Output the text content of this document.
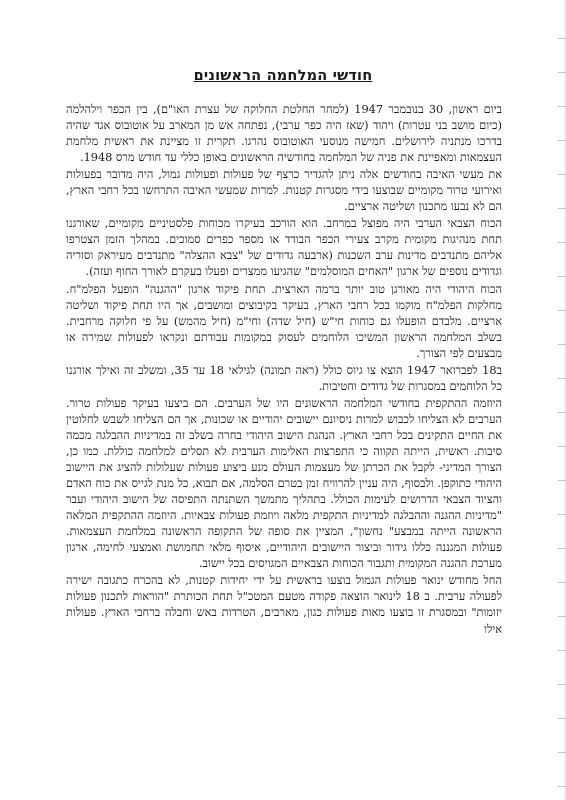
חודשי המלחמה הראשונים

ביום ראשון, 30 בנובמבר 1947 (למחר החלטת החלוקה של עצרת האו"ם), בין הכפר וילהלמה (כיום מושב בני עטרות) ויהוד (שאז היה כפר ערבי), נפתחה אש מן המארב על אוטובוס אגד שהיה בדרכו מנתניה לירושלים. חמישה מנוסעי האוטובוס נהרגו. תקרית זו מציינת את ראשית מלחמת העצמאות ומאפיינת את פניה של המלחמה בחודשיה הראשונים באופן כללי עד חודש מרס 1948.

את מעשי האיבה בחודשים אלה ניתן להגדיר כרצף של פעולות ופעולות גמול, היה מדובר בפעולות ואירועי טרור מקומיים שבוצעו בידי מסגרות קטנות. למרות שמעשי האיבה התרחשו בכל רחבי הארץ, הם לא נבעו מתכנון ושליטה ארציים.

הכוח הצבאי הערבי היה מפוצל במרחב. הוא הורכב בעיקרו מכוחות פלסטיניים מקומיים, שאורגנו תחת מנהיגות מקומית מקרב צעירי הכפר הבודד או מספר כפרים סמוכים. במהלך הזמן הצטרפו אליהם מתנדבים מדינות ערב השכנות (ארבעה גדודים של "צבא ההצלה" מתנדבים מעיראק וסוריה וגדודים נוספים של ארגון "האחים המוסלמים" שהגיעו ממצרים ופעלו בעקרם לאורך החוף ועזה).

הכוח היהודי היה מאורגן טוב יותר ברמה הארצית. תחת פיקוד ארגון "ההגנה" הופעל הפלמ"ח. מחלקות הפלמ"ח מוקמו בכל רחבי הארץ, בעיקר בקיבוצים ומושבים, אך היו תחת פיקוד ושליטה ארציים. מלבדם הופעלו גם כוחות חי"ש (חיל שדה) וחי"מ (חיל מהמש) על פי חלוקה מרחבית. בשלב המלחמה הראשון המשיכו הלוחמים לעסוק במקומות עבודתם ונקראו לפעולות שמירה או מבצעים לפי הצורך.

ב18 לפברואר 1947 הוצא צו גיוס כולל (ראה תמונה) לגילאי 18 עד 35, ומשלב זה ואילך אורגנו כל הלוחמים במסגרות של גדודים וחטיבות.

היוזמה ההתקפית בחודשי המלחמה הראשונים היו של הערבים. הם ביצעו בעיקר פעולות טרור. הערבים לא הצליחו לכבוש למרות ניסיונם יישובים יהודיים או שכונות, אך הם הצליחו לשבש לחלוטין את החיים התקינים בכל רחבי הארץ. הנהגת הישוב היהודי בחרה בשלב זה במדיניות ההבלגה מכמה סיבות. ראשית, הייתה תקווה כי התפרצות האלימות הערבית לא תסלים למלחמה כוללת. כמו כן, הצורך המדיני- לקבל את הכרתן של מעצמות העולם מנע ביצוע פעולות שעלולות להציג את היישוב היהודי כתוקפן. ולבסוף, היה עניין להרוויח זמן בטרם הסלמה, אם תבוא, כל מנת לגייס את כוח האדם והציוד הצבאי הדרושים לעימות הכולל. בתהליך מתמשך השתנתה התפיסה של הישוב היהודי ועבר "מדיניות ההגנה וההבלגה למדיניות התקפית מלאה ויוזמת פעולות צבאיות. היוזמה ההתקפית המלאה הראשונה הייתה במבצע" נחשון", המציין את סופה של התקופה הראשונה במלחמת העצמאות. פעולות המגננה כללו גידור וביצור היישובים היהודיים, איסוף מלאי תחמושת ואמצעי לחימה, ארגון מערכת ההגנה המקומית ותגבור הכוחות הצבאיים המגויסים בכל יישוב.

החל מחודש ינואר פעולות הגמול בוצעו בראשית על ידי יחידות קטנות, לא בהכרח כתגובה ישירה לפעולה ערבית. ב 18 לינואר הוצאה פקודה מטעם המטכ"ל תחת הכותרת "הוראות לתכנון פעולות יזומות" ובמסגרת זו בוצעו מאות פעולות כגון, מארבים, הטרדות באש וחבלה ברחבי הארץ. פעולות אילו
